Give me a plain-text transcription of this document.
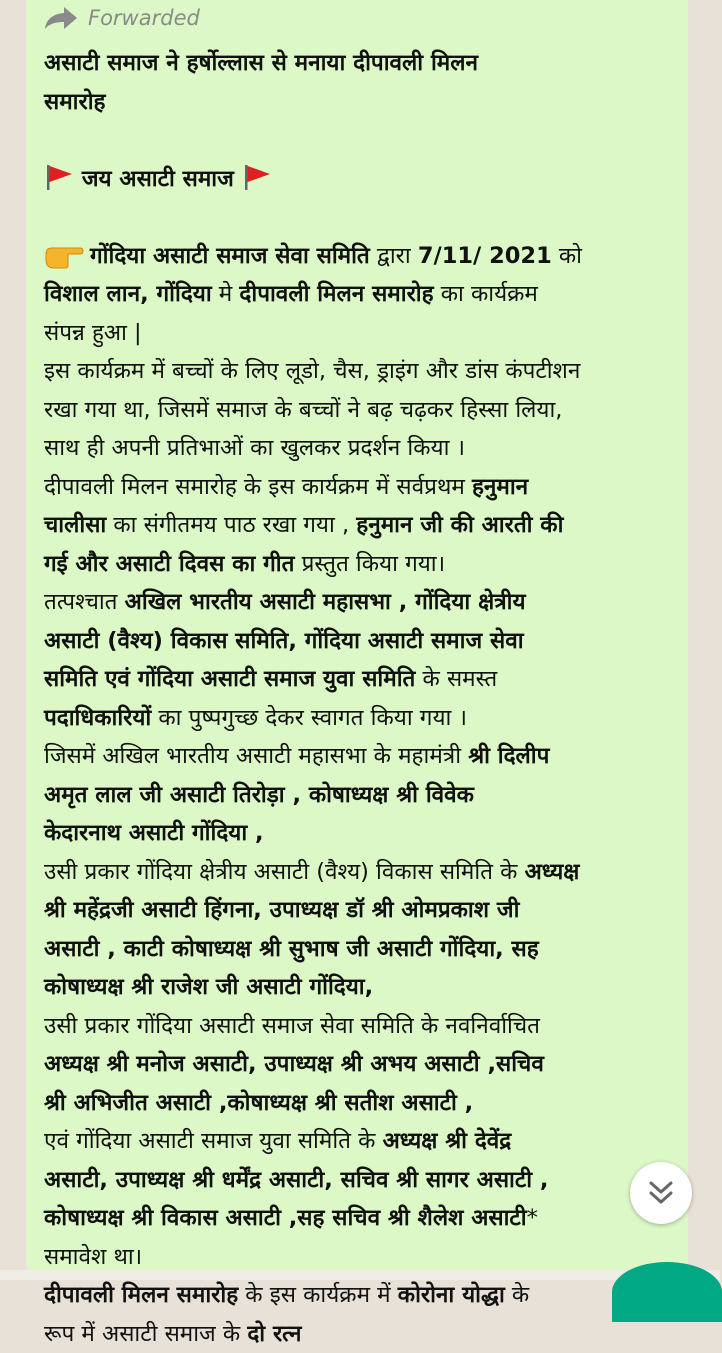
Forwarded
असाटी समाज ने हर्षोल्लास से मनाया दीपावली मिलन
समारोह
जय असाटी समाज
गोंदिया असाटी समाज सेवा समिति द्वारा 7/11/ 2021 को
विशाल लान, गोंदिया मे दीपावली मिलन समारोह का कार्यक्रम
संपन्न हुआ |
इस कार्यक्रम में बच्चों के लिए लूडो, चैस, ड्राइंग और डांस कंपटीशन
रखा गया था, जिसमें समाज के बच्चों ने बढ़ चढ़कर हिस्सा लिया,
साथ ही अपनी प्रतिभाओं का खुलकर प्रदर्शन किया ।
दीपावली मिलन समारोह के इस कार्यक्रम में सर्वप्रथम हनुमान
चालीसा का संगीतमय पाठ रखा गया , हनुमान जी की आरती की
गई और असाटी दिवस का गीत प्रस्तुत किया गया।
तत्पश्चात अखिल भारतीय असाटी महासभा , गोंदिया क्षेत्रीय
असाटी (वैश्य) विकास समिति, गोंदिया असाटी समाज सेवा
समिति एवं गोंदिया असाटी समाज युवा समिति के समस्त
पदाधिकारियों का पुष्पगुच्छ देकर स्वागत किया गया ।
जिसमें अखिल भारतीय असाटी महासभा के महामंत्री श्री दिलीप
अमृत लाल जी असाटी तिरोड़ा , कोषाध्यक्ष श्री विवेक
केदारनाथ असाटी गोंदिया ,
उसी प्रकार गोंदिया क्षेत्रीय असाटी (वैश्य) विकास समिति के अध्यक्ष
श्री महेंद्रजी असाटी हिंगना, उपाध्यक्ष डॉ श्री ओमप्रकाश जी
असाटी , काटी कोषाध्यक्ष श्री सुभाष जी असाटी गोंदिया, सह
कोषाध्यक्ष श्री राजेश जी असाटी गोंदिया,
उसी प्रकार गोंदिया असाटी समाज सेवा समिति के नवनिर्वाचित
अध्यक्ष श्री मनोज असाटी, उपाध्यक्ष श्री अभय असाटी ,सचिव
श्री अभिजीत असाटी ,कोषाध्यक्ष श्री सतीश असाटी ,
एवं गोंदिया असाटी समाज युवा समिति के अध्यक्ष श्री देवेंद्र
असाटी, उपाध्यक्ष श्री धर्मेंद्र असाटी, सचिव श्री सागर असाटी ,
कोषाध्यक्ष श्री विकास असाटी ,सह सचिव श्री शैलेश असाटी*
समावेश था।
दीपावली मिलन समारोह के इस कार्यक्रम में कोरोना योद्धा के
रूप में असाटी समाज के दो रत्न
